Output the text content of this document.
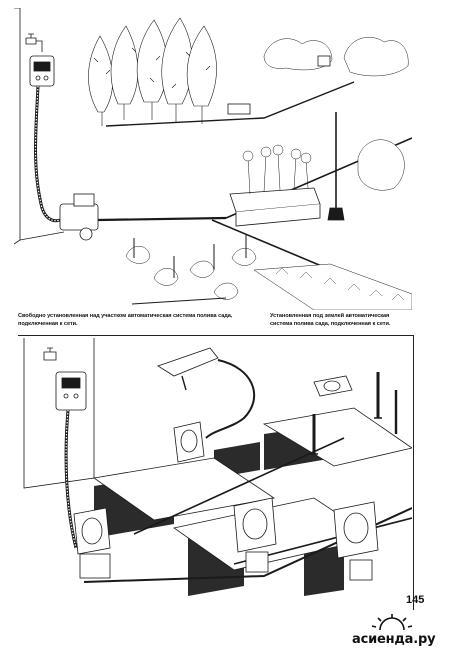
Свободно установленная над участком автоматическая система полива сада, подключенная к сети.
Установленная под землей автоматическая система полива сада, подключенная к сети.
145
асиенда.ру
